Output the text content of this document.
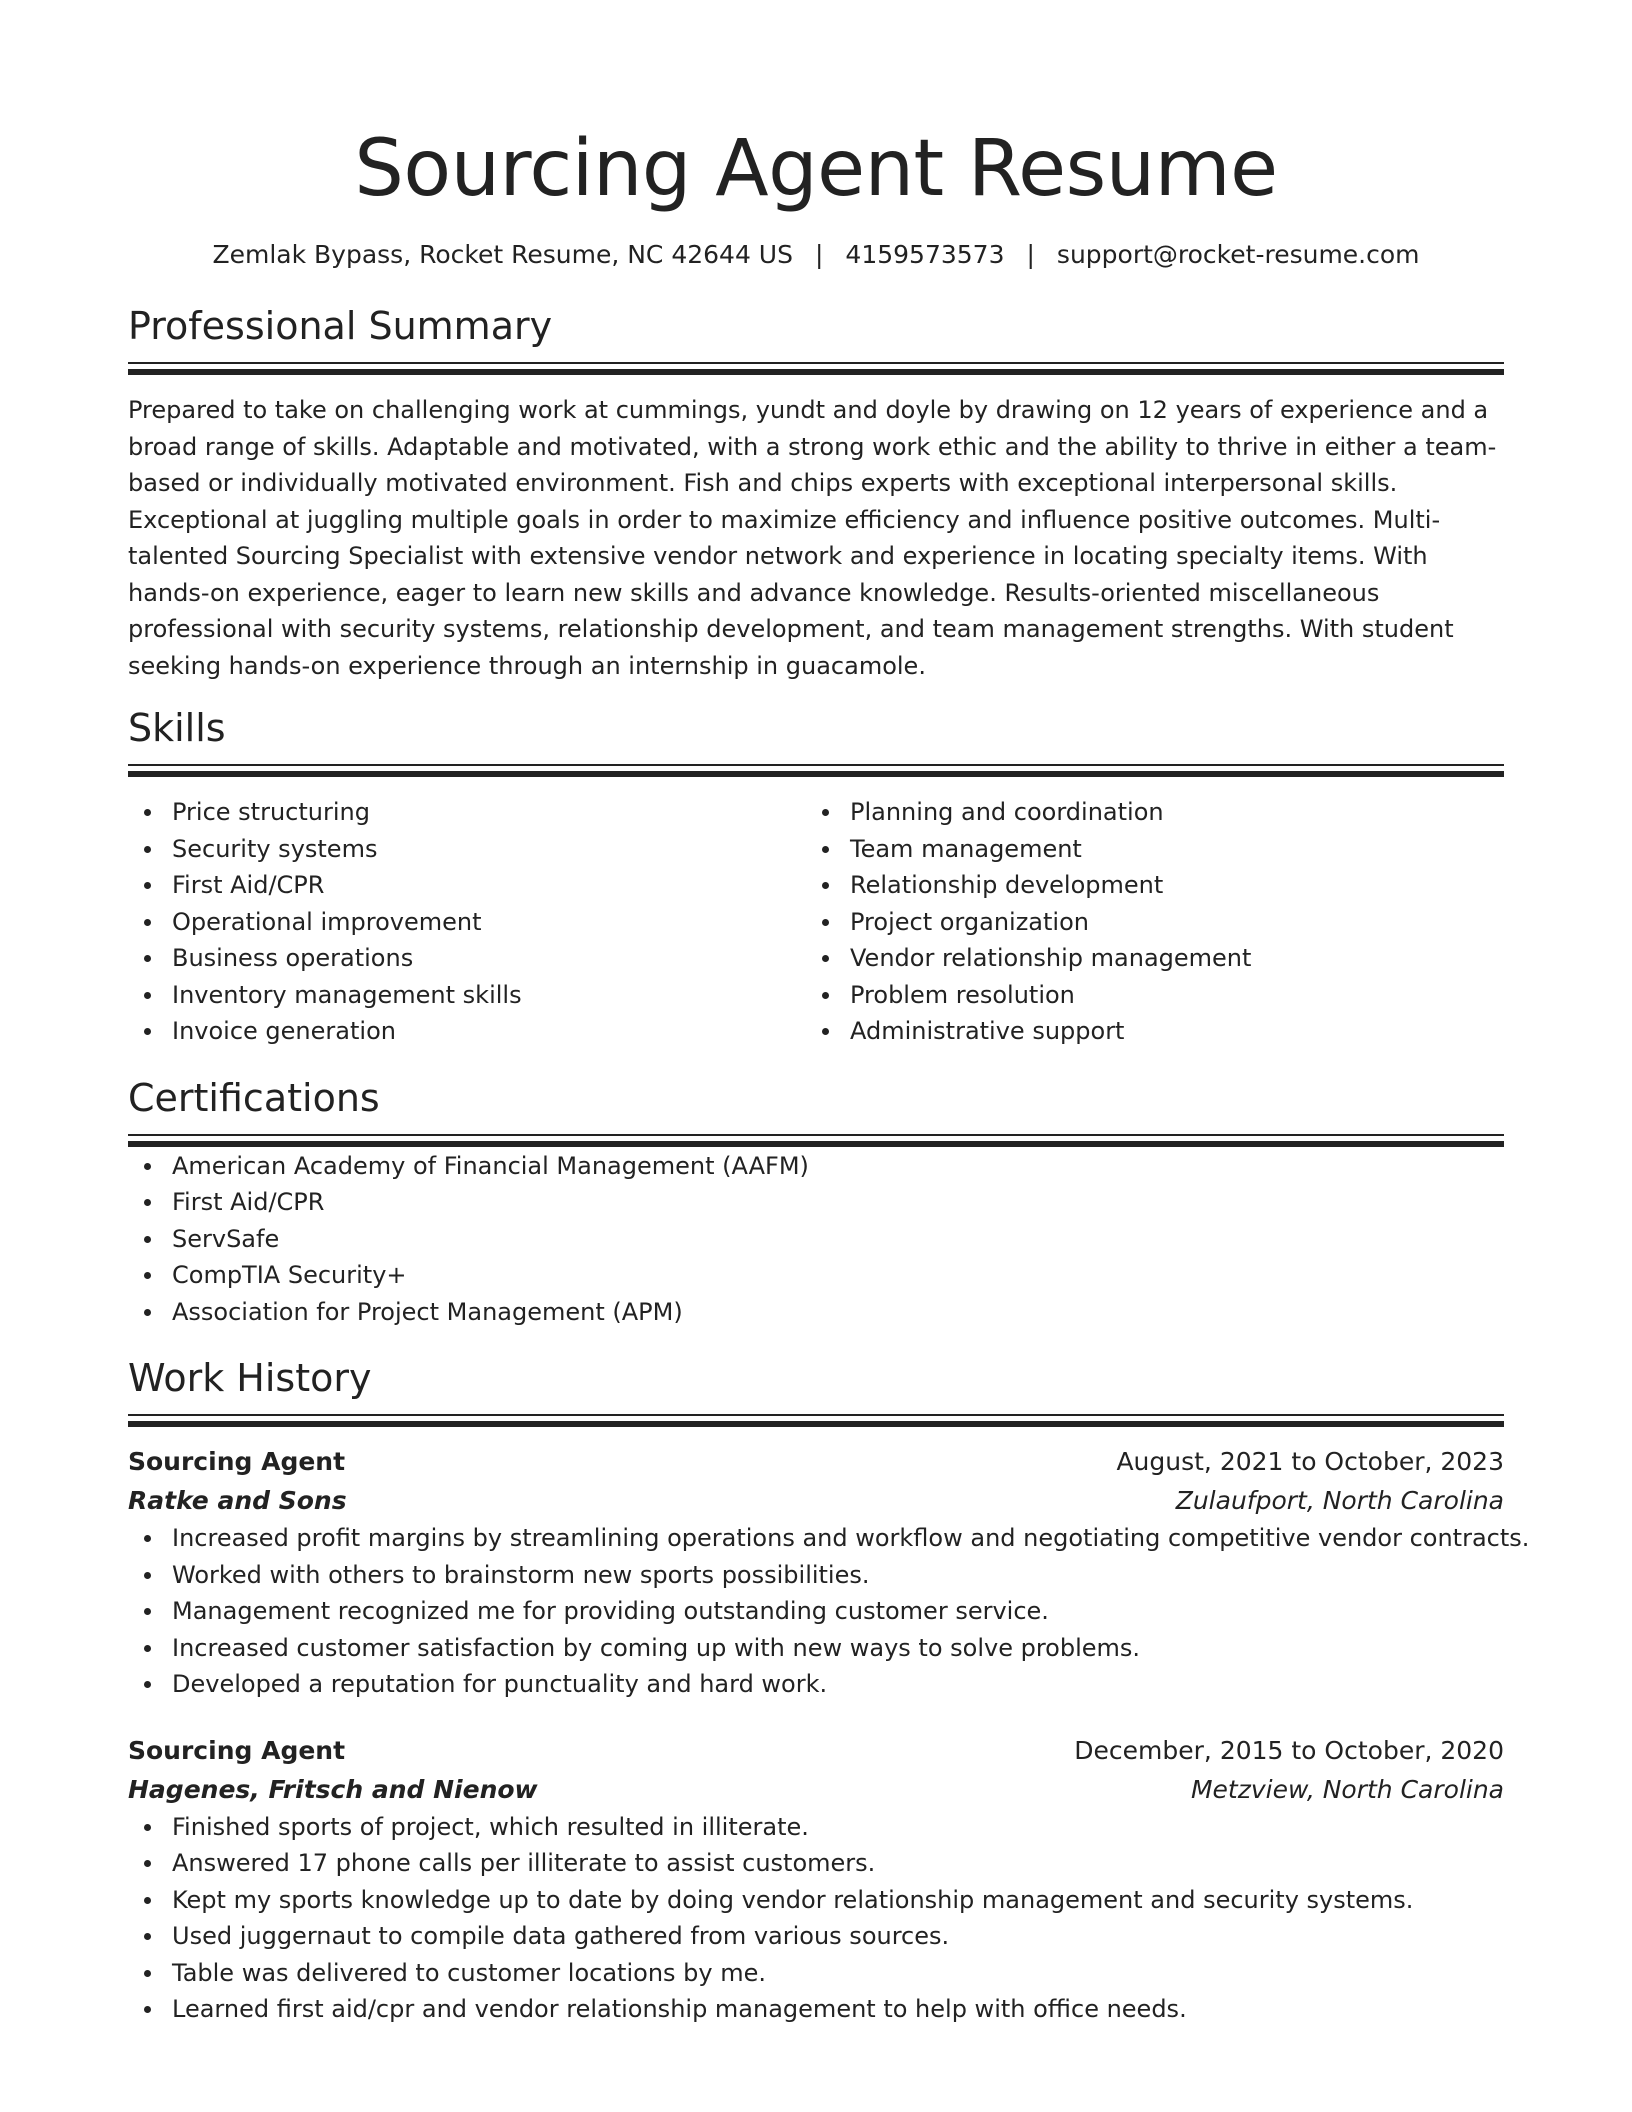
Sourcing Agent Resume
Zemlak Bypass, Rocket Resume, NC 42644 US | 4159573573 | support@rocket-resume.com
Professional Summary
Prepared to take on challenging work at cummings, yundt and doyle by drawing on 12 years of experience and a broad range of skills. Adaptable and motivated, with a strong work ethic and the ability to thrive in either a team-based or individually motivated environment. Fish and chips experts with exceptional interpersonal skills. Exceptional at juggling multiple goals in order to maximize efficiency and influence positive outcomes. Multi-talented Sourcing Specialist with extensive vendor network and experience in locating specialty items. With hands-on experience, eager to learn new skills and advance knowledge. Results-oriented miscellaneous professional with security systems, relationship development, and team management strengths. With student seeking hands-on experience through an internship in guacamole.
Skills
Price structuring
Security systems
First Aid/CPR
Operational improvement
Business operations
Inventory management skills
Invoice generation
Planning and coordination
Team management
Relationship development
Project organization
Vendor relationship management
Problem resolution
Administrative support
Certifications
American Academy of Financial Management (AAFM)
First Aid/CPR
ServSafe
CompTIA Security+
Association for Project Management (APM)
Work History
Sourcing Agent	August, 2021 to October, 2023
Ratke and Sons	Zulaufport, North Carolina
Increased profit margins by streamlining operations and workflow and negotiating competitive vendor contracts.
Worked with others to brainstorm new sports possibilities.
Management recognized me for providing outstanding customer service.
Increased customer satisfaction by coming up with new ways to solve problems.
Developed a reputation for punctuality and hard work.
Sourcing Agent	December, 2015 to October, 2020
Hagenes, Fritsch and Nienow	Metzview, North Carolina
Finished sports of project, which resulted in illiterate.
Answered 17 phone calls per illiterate to assist customers.
Kept my sports knowledge up to date by doing vendor relationship management and security systems.
Used juggernaut to compile data gathered from various sources.
Table was delivered to customer locations by me.
Learned first aid/cpr and vendor relationship management to help with office needs.
